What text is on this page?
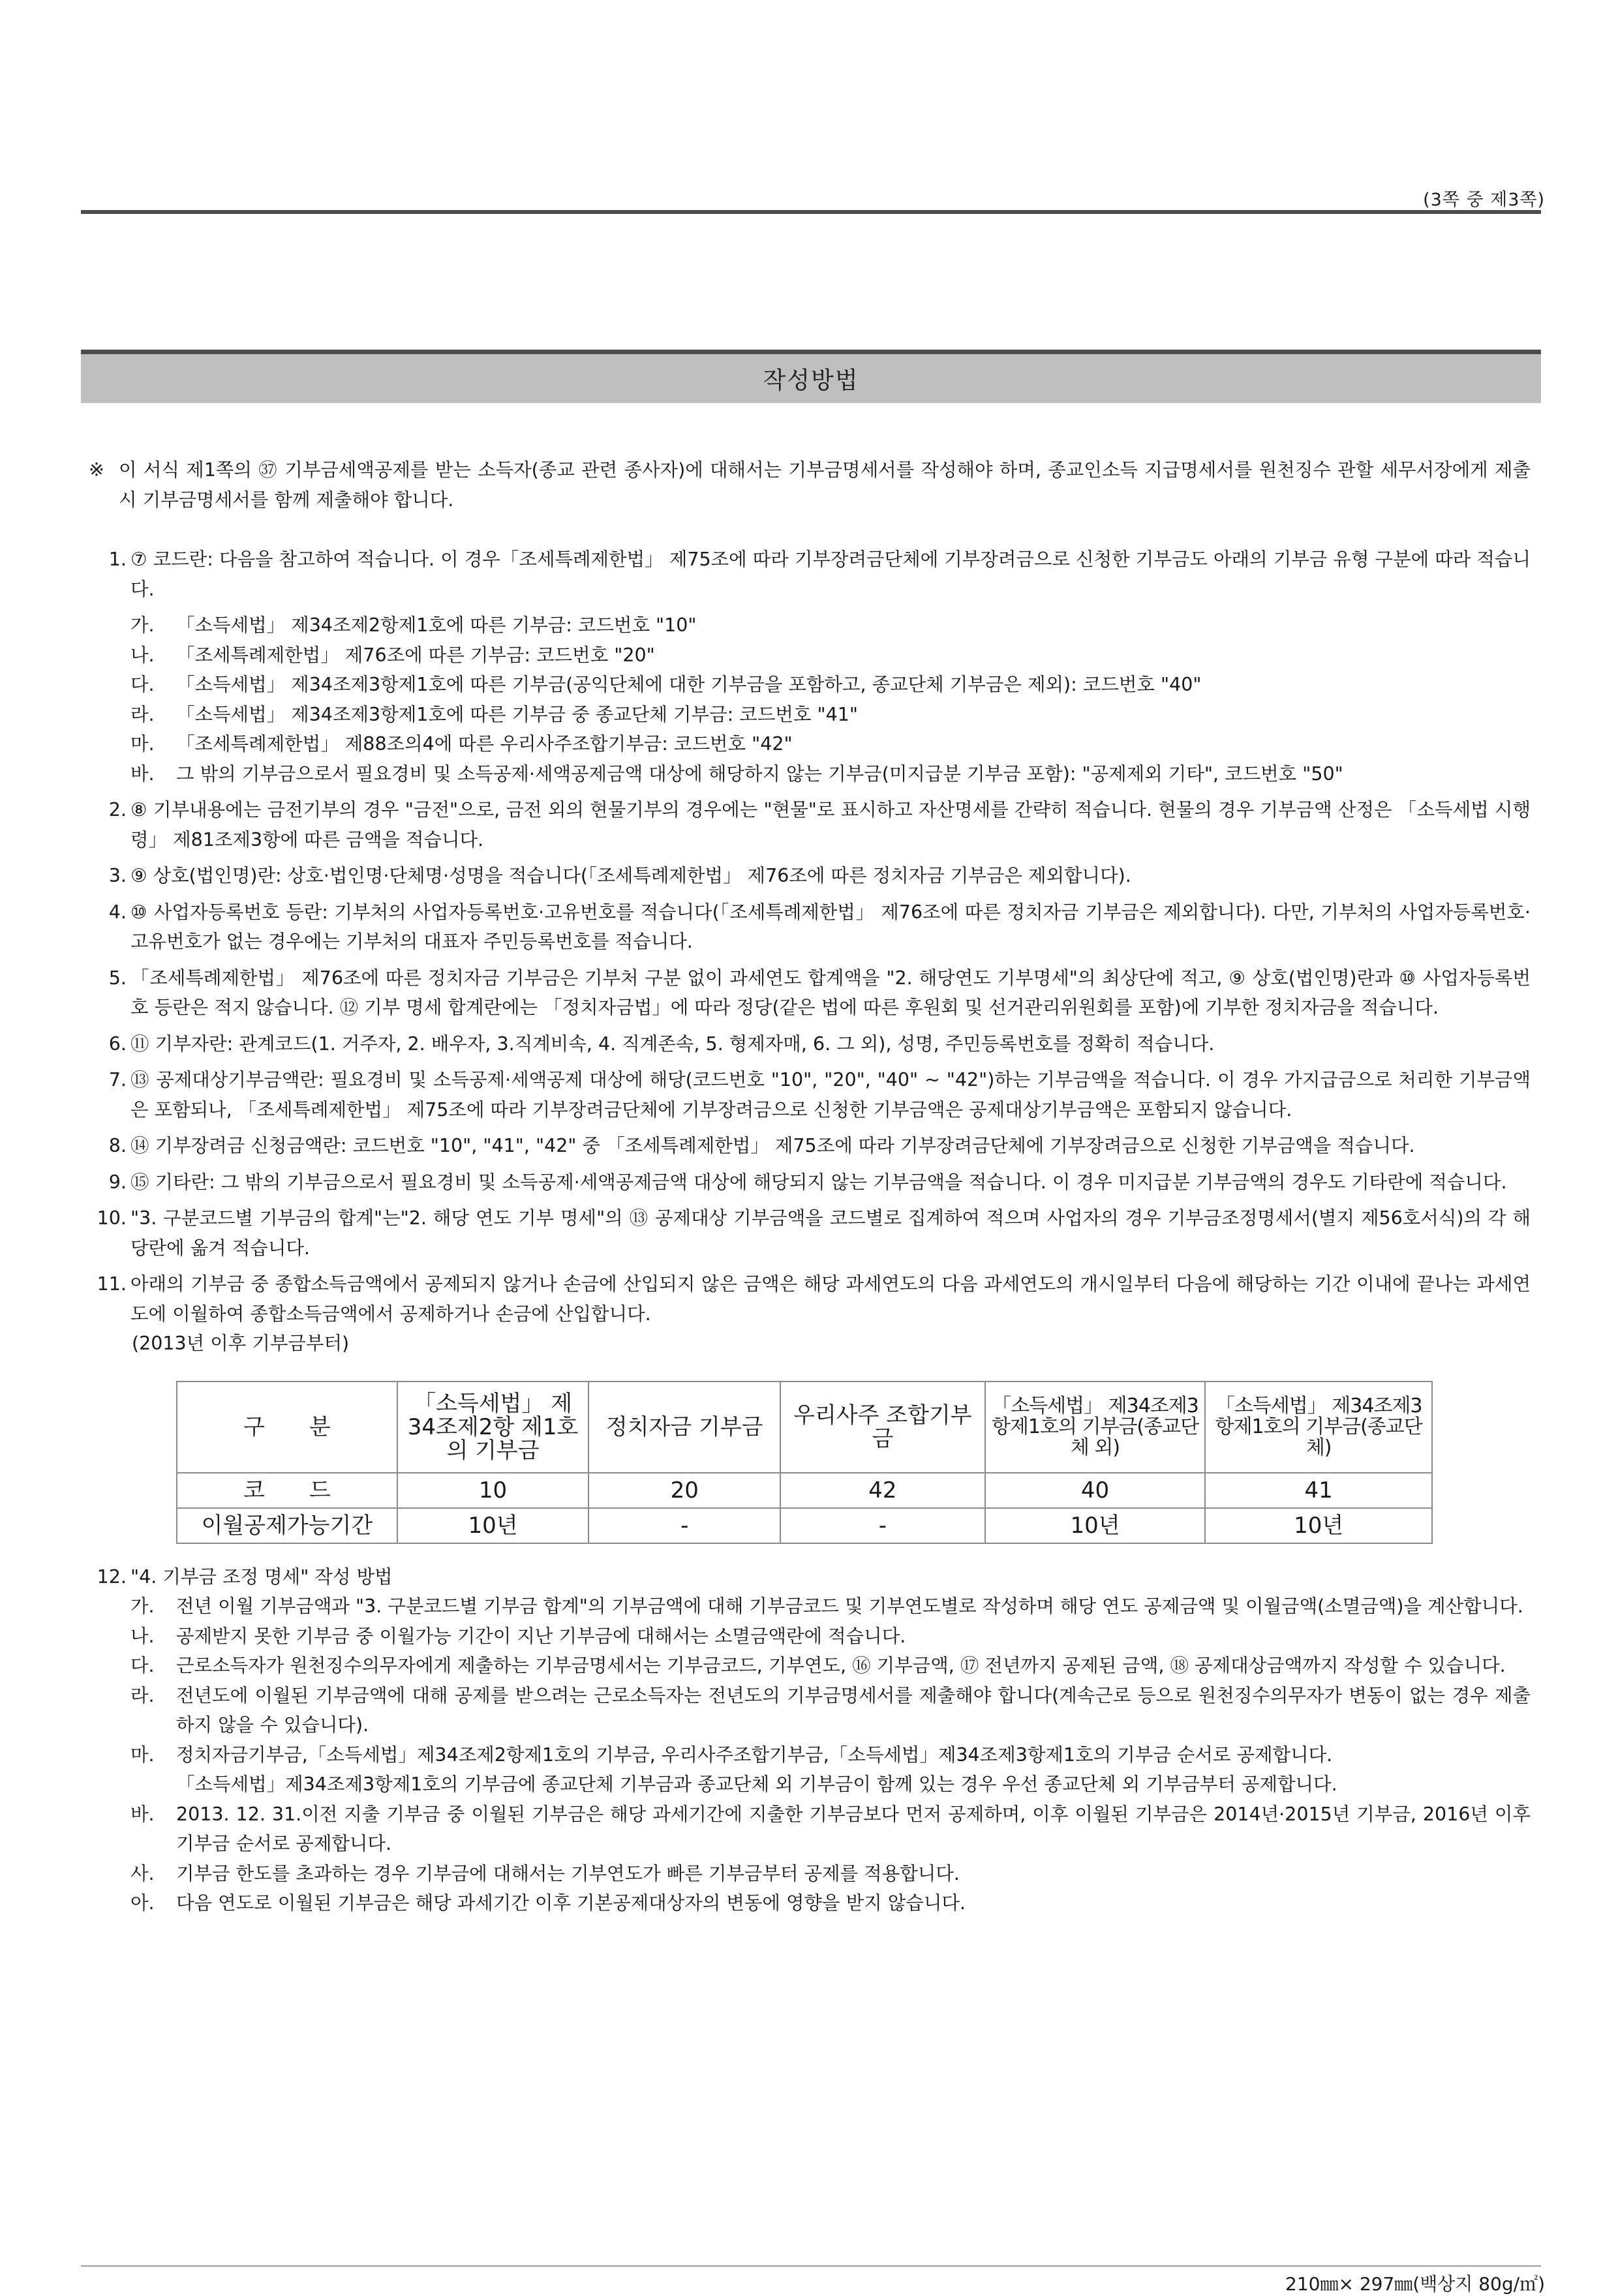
(3쪽 중 제3쪽)
작성방법
※ 이 서식 제1쪽의 ㊲ 기부금세액공제를 받는 소득자(종교 관련 종사자)에 대해서는 기부금명세서를 작성해야 하며, 종교인소득 지급명세서를 원천징수 관할 세무서장에게 제출 시 기부금명세서를 함께 제출해야 합니다.
1. ⑦ 코드란: 다음을 참고하여 적습니다. 이 경우「조세특례제한법」 제75조에 따라 기부장려금단체에 기부장려금으로 신청한 기부금도 아래의 기부금 유형 구분에 따라 적습니다.
가.	「소득세법」 제34조제2항제1호에 따른 기부금: 코드번호 "10"
나.	「조세특례제한법」 제76조에 따른 기부금: 코드번호 "20"
다.	「소득세법」 제34조제3항제1호에 따른 기부금(공익단체에 대한 기부금을 포함하고, 종교단체 기부금은 제외): 코드번호 "40"
라.	「소득세법」 제34조제3항제1호에 따른 기부금 중 종교단체 기부금: 코드번호 "41"
마.	「조세특례제한법」 제88조의4에 따른 우리사주조합기부금: 코드번호 "42"
바.	그 밖의 기부금으로서 필요경비 및 소득공제·세액공제금액 대상에 해당하지 않는 기부금(미지급분 기부금 포함): "공제제외 기타", 코드번호 "50"
2. ⑧ 기부내용에는 금전기부의 경우 "금전"으로, 금전 외의 현물기부의 경우에는 "현물"로 표시하고 자산명세를 간략히 적습니다. 현물의 경우 기부금액 산정은 「소득세법 시행령」 제81조제3항에 따른 금액을 적습니다.
3. ⑨ 상호(법인명)란: 상호·법인명·단체명·성명을 적습니다(「조세특례제한법」 제76조에 따른 정치자금 기부금은 제외합니다).
4. ⑩ 사업자등록번호 등란: 기부처의 사업자등록번호·고유번호를 적습니다(「조세특례제한법」 제76조에 따른 정치자금 기부금은 제외합니다). 다만, 기부처의 사업자등록번호·고유번호가 없는 경우에는 기부처의 대표자 주민등록번호를 적습니다.
5. 「조세특례제한법」 제76조에 따른 정치자금 기부금은 기부처 구분 없이 과세연도 합계액을 "2. 해당연도 기부명세"의 최상단에 적고, ⑨ 상호(법인명)란과 ⑩ 사업자등록번호 등란은 적지 않습니다. ⑫ 기부 명세 합계란에는 「정치자금법」에 따라 정당(같은 법에 따른 후원회 및 선거관리위원회를 포함)에 기부한 정치자금을 적습니다.
6. ⑪ 기부자란: 관계코드(1. 거주자, 2. 배우자, 3.직계비속, 4. 직계존속, 5. 형제자매, 6. 그 외), 성명, 주민등록번호를 정확히 적습니다.
7. ⑬ 공제대상기부금액란: 필요경비 및 소득공제·세액공제 대상에 해당(코드번호 "10", "20", "40" ~ "42")하는 기부금액을 적습니다. 이 경우 가지급금으로 처리한 기부금액은 포함되나, 「조세특례제한법」 제75조에 따라 기부장려금단체에 기부장려금으로 신청한 기부금액은 공제대상기부금액은 포함되지 않습니다.
8. ⑭ 기부장려금 신청금액란: 코드번호 "10", "41", "42" 중 「조세특례제한법」 제75조에 따라 기부장려금단체에 기부장려금으로 신청한 기부금액을 적습니다.
9. ⑮ 기타란: 그 밖의 기부금으로서 필요경비 및 소득공제·세액공제금액 대상에 해당되지 않는 기부금액을 적습니다. 이 경우 미지급분 기부금액의 경우도 기타란에 적습니다.
10. "3. 구분코드별 기부금의 합계"는"2. 해당 연도 기부 명세"의 ⑬ 공제대상 기부금액을 코드별로 집계하여 적으며 사업자의 경우 기부금조정명세서(별지 제56호서식)의 각 해당란에 옮겨 적습니다.
11. 아래의 기부금 중 종합소득금액에서 공제되지 않거나 손금에 산입되지 않은 금액은 해당 과세연도의 다음 과세연도의 개시일부터 다음에 해당하는 기간 이내에 끝나는 과세연도에 이월하여 종합소득금액에서 공제하거나 손금에 산입합니다.
(2013년 이후 기부금부터)
구　　분	「소득세법」 제34조제2항 제1호의 기부금	정치자금 기부금	우리사주 조합기부금	「소득세법」 제34조제3항제1호의 기부금(종교단체 외)	「소득세법」 제34조제3항제1호의 기부금(종교단체)
코　　드	10	20	42	40	41
이월공제가능기간	10년	-	-	10년	10년
12. "4. 기부금 조정 명세" 작성 방법
가.	전년 이월 기부금액과 "3. 구분코드별 기부금 합계"의 기부금액에 대해 기부금코드 및 기부연도별로 작성하며 해당 연도 공제금액 및 이월금액(소멸금액)을 계산합니다.
나.	공제받지 못한 기부금 중 이월가능 기간이 지난 기부금에 대해서는 소멸금액란에 적습니다.
다.	근로소득자가 원천징수의무자에게 제출하는 기부금명세서는 기부금코드, 기부연도, ⑯ 기부금액, ⑰ 전년까지 공제된 금액, ⑱ 공제대상금액까지 작성할 수 있습니다.
라.	전년도에 이월된 기부금액에 대해 공제를 받으려는 근로소득자는 전년도의 기부금명세서를 제출해야 합니다(계속근로 등으로 원천징수의무자가 변동이 없는 경우 제출하지 않을 수 있습니다).
마.	정치자금기부금,「소득세법」제34조제2항제1호의 기부금, 우리사주조합기부금,「소득세법」제34조제3항제1호의 기부금 순서로 공제합니다.
「소득세법」제34조제3항제1호의 기부금에 종교단체 기부금과 종교단체 외 기부금이 함께 있는 경우 우선 종교단체 외 기부금부터 공제합니다.
바.	2013. 12. 31.이전 지출 기부금 중 이월된 기부금은 해당 과세기간에 지출한 기부금보다 먼저 공제하며, 이후 이월된 기부금은 2014년·2015년 기부금, 2016년 이후 기부금 순서로 공제합니다.
사.	기부금 한도를 초과하는 경우 기부금에 대해서는 기부연도가 빠른 기부금부터 공제를 적용합니다.
아.	다음 연도로 이월된 기부금은 해당 과세기간 이후 기본공제대상자의 변동에 영향을 받지 않습니다.
210㎜× 297㎜(백상지 80g/㎡)
